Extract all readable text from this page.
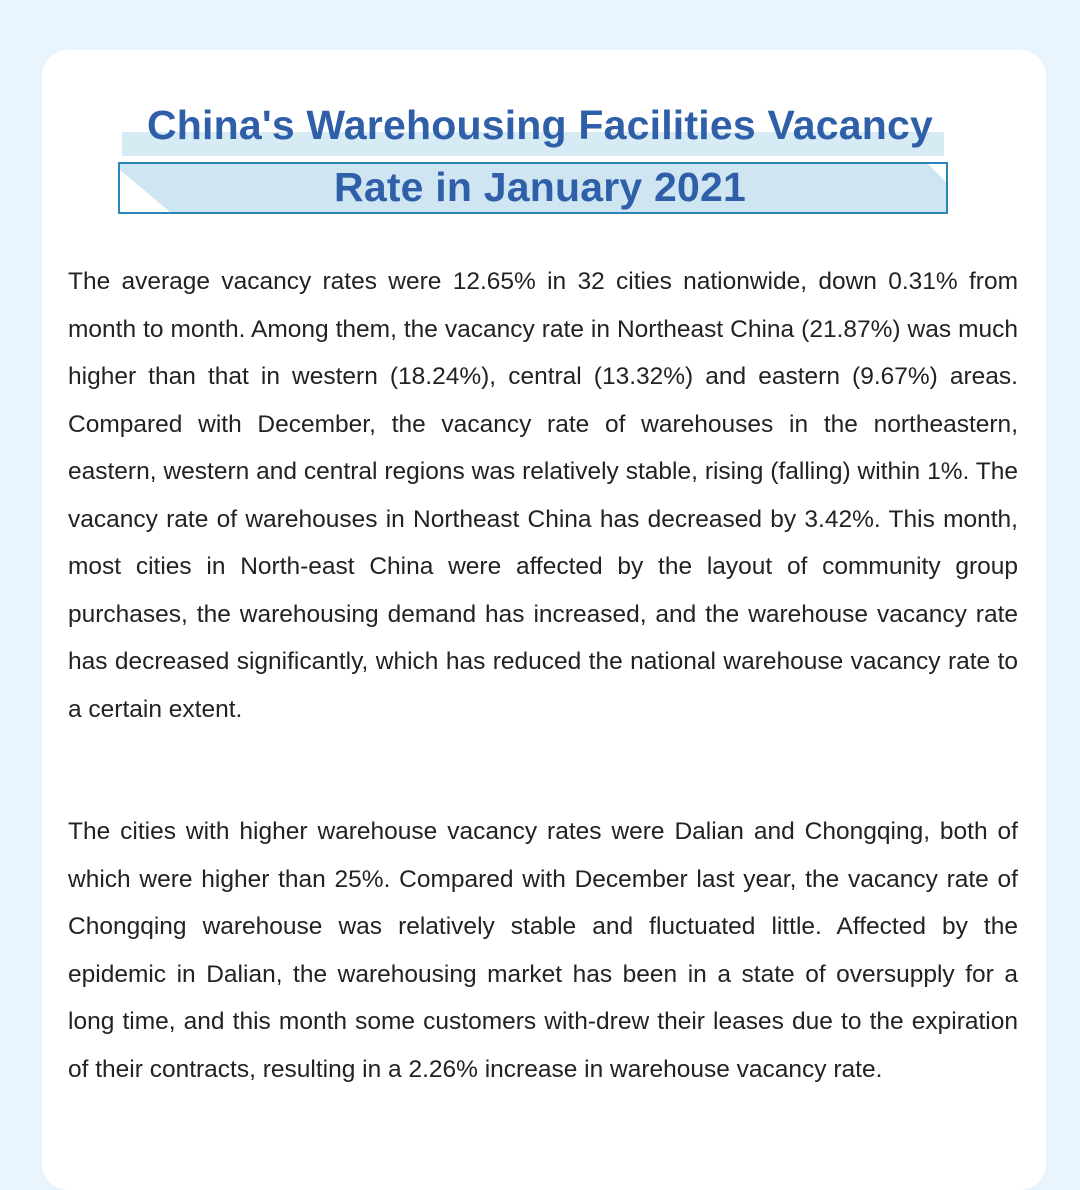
China's Warehousing Facilities Vacancy
Rate in January 2021

The average vacancy rates were 12.65% in 32 cities nationwide, down 0.31% from month to month. Among them, the vacancy rate in Northeast China (21.87%) was much higher than that in western (18.24%), central (13.32%) and eastern (9.67%) areas. Compared with December, the vacancy rate of warehouses in the northeastern, eastern, western and central regions was relatively stable, rising (falling) within 1%. The vacancy rate of warehouses in Northeast China has decreased by 3.42%. This month, most cities in North-east China were affected by the layout of community group purchases, the warehousing demand has increased, and the warehouse vacancy rate has decreased significantly, which has reduced the national warehouse vacancy rate to a certain extent.

The cities with higher warehouse vacancy rates were Dalian and Chongqing, both of which were higher than 25%. Compared with December last year, the vacancy rate of Chongqing warehouse was relatively stable and fluctuated little. Affected by the epidemic in Dalian, the warehousing market has been in a state of oversupply for a long time, and this month some customers with-drew their leases due to the expiration of their contracts, resulting in a 2.26% increase in warehouse vacancy rate.
